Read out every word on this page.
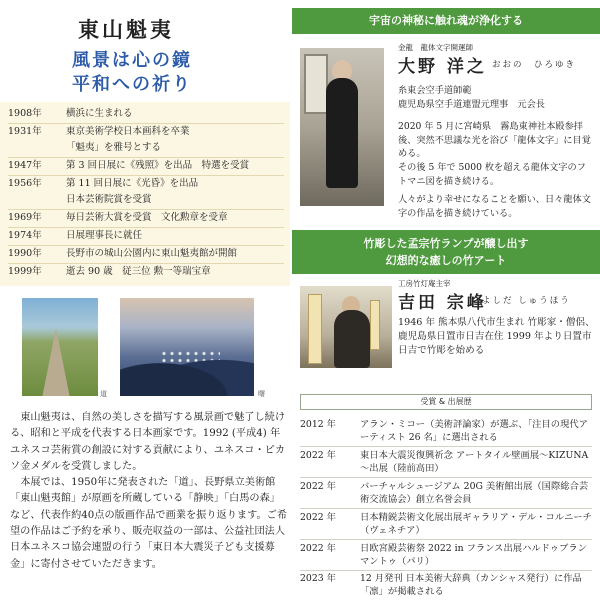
東山魁夷
風景は心の鏡
平和への祈り
1908年	横浜に生まれる
1931年	東京美術学校日本画科を卒業
「魁夷」を雅号とする
1947年	第 3 回日展に《残照》を出品　特選を受賞
1956年	第 11 回日展に《光昏》を出品
日本芸術院賞を受賞
1969年	毎日芸術大賞を受賞　文化勲章を受章
1974年	日展理事長に就任
1990年	長野市の城山公園内に東山魁夷館が開館
1999年	逝去 90 歳　従三位 勲一等瑞宝章
道	曙

東山魁夷は、自然の美しさを描写する風景画で魅了し続ける、昭和と平成を代表する日本画家です。1992 (平成4) 年ユネスコ芸術賞の創設に対する貢献により、ユネスコ・ピカソ金メダルを受賞しました。

本展では、1950年に発表された「道」、長野県立美術館「東山魁夷館」が原画を所蔵している「静映」「白馬の森」など、代表作約40点の版画作品で画業を振り返ります。ご希望の作品はご予約を承り、販売収益の一部は、公益社団法人日本ユネスコ協会連盟の行う「東日本大震災子ども支援募金」に寄付させていただきます。

宇宙の神秘に触れ魂が浄化する
金龍　龍体文字開運師
大野 洋之 おおの　ひろゆき
糸東会空手道師範
鹿児島県空手道連盟元理事　元会長
2020 年 5 月に宮崎県　霧島東神社本殿参拝後、突然不思議な光を浴び「龍体文字」に目覚める。
その後 5 年で 5000 枚を超える龍体文字のフトマニ図を描き続ける。
人々がより幸せになることを願い、日々龍体文字の作品を描き続けている。
竹彫した孟宗竹ランプが醸し出す
幻想的な癒しの竹アート
工房竹灯庵主宰
吉田 宗峰
よしだ しゅうほう
1946 年 熊本県八代市生まれ 竹彫家・僧侶、鹿児島県日置市日吉在住 1999 年より日置市日吉で竹彫を始める
受賞 & 出展歴
2012 年	アラン・ミコー（美術評論家）が選ぶ、「注目の現代アーティスト 26 名」に選出される
2022 年	東日本大震災復興祈念 アートタイル壁画展～KIZUNA～出展（陸前高田）
2022 年	バーチャルシュージアム 20G 美術館出展（国際総合芸術交流協会）創立名誉会員
2022 年	日本精鋭芸術文化展出展ギャラリア・デル・コルニーチ（ヴェネチア）
2022 年	日欧宮殿芸術祭 2022 in フランス出展ハルドゥブランマントゥ（パリ）
2023 年	12 月発刊 日本美術大辞典（カンシャス発行）に作品「凛」が掲載される
